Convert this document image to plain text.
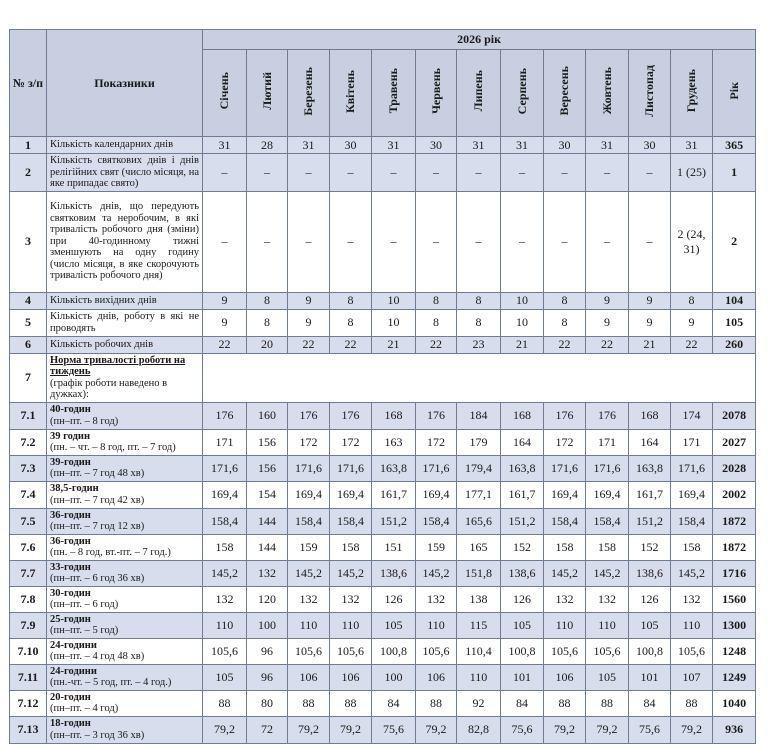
№ з/п	Показники	2026 рік												
		Січень	Лютий	Березень	Квітень	Травень	Червень	Липень	Серпень	Вересень	Жовтень	Листопад	Грудень	Рік
1	Кількість календарних днів	31	28	31	30	31	30	31	31	30	31	30	31	365
2	Кількість святкових днів і днів релігійних свят (число місяця, на яке припадає свято)	–	–	–	–	–	–	–	–	–	–	–	1 (25)	1
3	Кількість днів, що передують святковим та неробочим, в які тривалість робочого дня (зміни) при 40-годинному тижні зменшують на одну годину (число місяця, в яке скорочують тривалість робочого дня)	–	–	–	–	–	–	–	–	–	–	–	2 (24, 31)	2
4	Кількість вихідних днів	9	8	9	8	10	8	8	10	8	9	9	8	104
5	Кількість днів, роботу в які не проводять	9	8	9	8	10	8	8	10	8	9	9	9	105
6	Кількість робочих днів	22	20	22	22	21	22	23	21	22	22	21	22	260
7	Норма тривалості роботи на тиждень
(графік роботи наведено в дужках):													

7.1	40-годин
(пн–пт. – 8 год)	176	160	176	176	168	176	184	168	176	176	168	174	2078
7.2	39 годин
(пн. – чт. – 8 год, пт. – 7 год)	171	156	172	172	163	172	179	164	172	171	164	171	2027
7.3	39-годин
(пн–пт. – 7 год 48 хв)	171,6	156	171,6	171,6	163,8	171,6	179,4	163,8	171,6	171,6	163,8	171,6	2028
7.4	38,5-годин
(пн–пт. – 7 год 42 хв)	169,4	154	169,4	169,4	161,7	169,4	177,1	161,7	169,4	169,4	161,7	169,4	2002
7.5	36-годин
(пн–пт. – 7 год 12 хв)	158,4	144	158,4	158,4	151,2	158,4	165,6	151,2	158,4	158,4	151,2	158,4	1872
7.6	36-годин
(пн. – 8 год, вт.-пт. – 7 год.)	158	144	159	158	151	159	165	152	158	158	152	158	1872
7.7	33-годин
(пн–пт. – 6 год 36 хв)	145,2	132	145,2	145,2	138,6	145,2	151,8	138,6	145,2	145,2	138,6	145,2	1716
7.8	30-годин
(пн–пт. – 6 год)	132	120	132	132	126	132	138	126	132	132	126	132	1560
7.9	25-годин
(пн–пт. – 5 год)	110	100	110	110	105	110	115	105	110	110	105	110	1300
7.10	24-години
(пн–пт. – 4 год 48 хв)	105,6	96	105,6	105,6	100,8	105,6	110,4	100,8	105,6	105,6	100,8	105,6	1248
7.11	24-години
(пн.-чт. – 5 год, пт. – 4 год.)	105	96	106	106	100	106	110	101	106	105	101	107	1249
7.12	20-годин
(пн–пт. – 4 год)	88	80	88	88	84	88	92	84	88	88	84	88	1040
7.13	18-годин
(пн–пт. – 3 год 36 хв)	79,2	72	79,2	79,2	75,6	79,2	82,8	75,6	79,2	79,2	75,6	79,2	936
